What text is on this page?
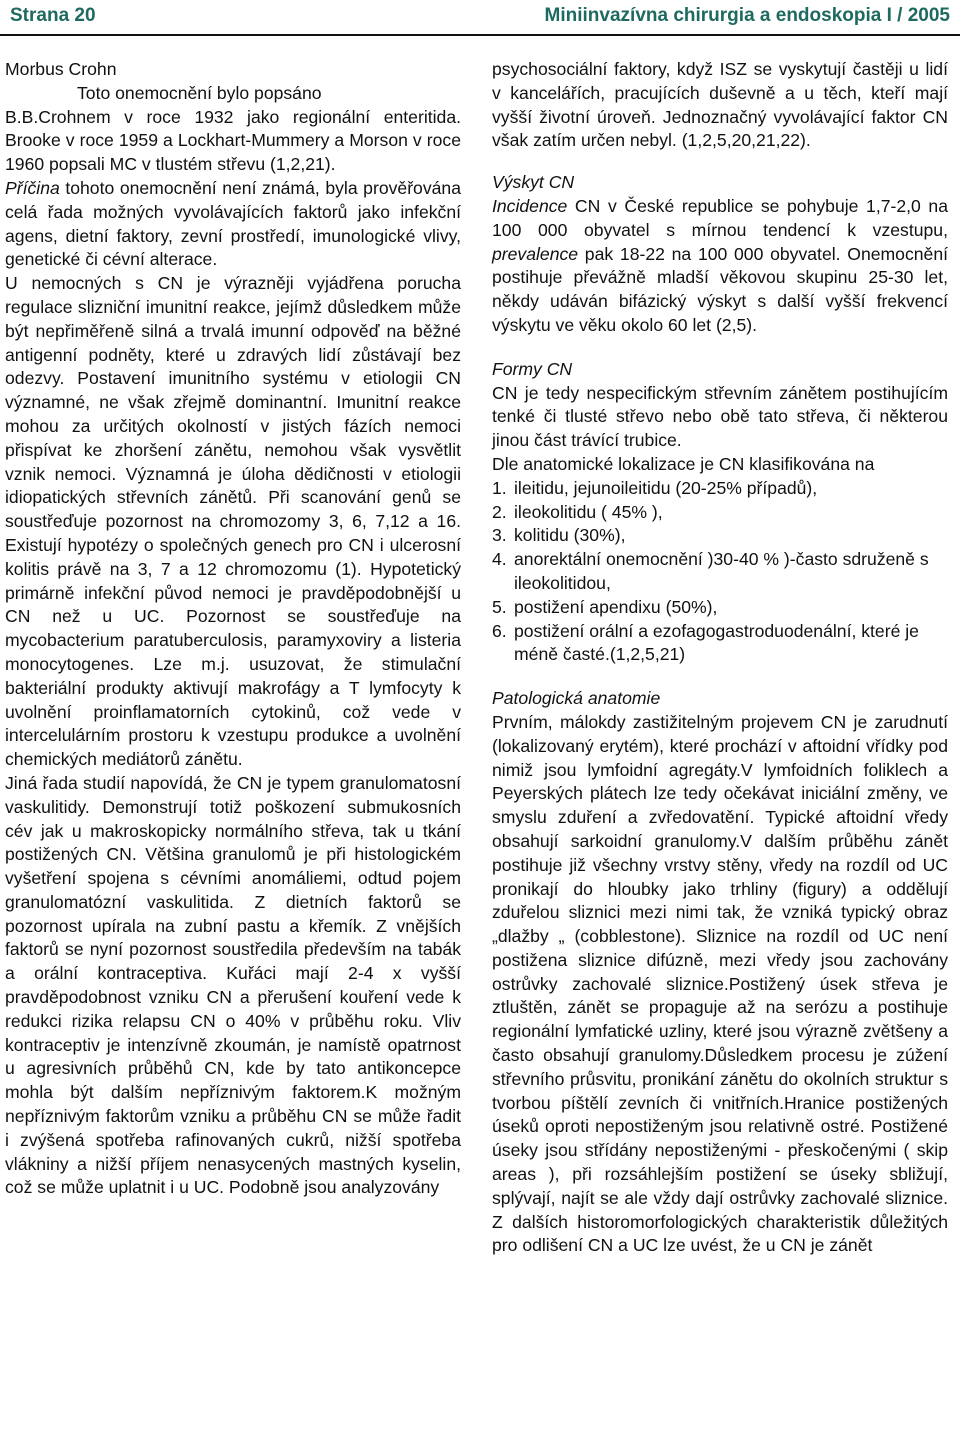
Strana 20	Miniinvazívna chirurgia a endoskopia I / 2005

Morbus Crohn

Toto onemocnění bylo popsáno
B.B.Crohnem v roce 1932 jako regionální enteritida. Brooke v roce 1959 a Lockhart-Mummery a Morson v roce 1960 popsali MC v tlustém střevu (1,2,21).

Příčina tohoto onemocnění není známá, byla prověřována celá řada možných vyvolávajících faktorů jako infekční agens, dietní faktory, zevní prostředí, imunologické vlivy, genetické či cévní alterace.

U nemocných s CN je výrazněji vyjádřena porucha regulace slizniční imunitní reakce, jejímž důsledkem může být nepřiměřeně silná a trvalá imunní odpověď na běžné antigenní podněty, které u zdravých lidí zůstávají bez odezvy. Postavení imunitního systému v etiologii CN významné, ne však zřejmě dominantní. Imunitní reakce mohou za určitých okolností v jistých fázích nemoci přispívat ke zhoršení zánětu, nemohou však vysvětlit vznik nemoci. Významná je úloha dědičnosti v etiologii idiopatických střevních zánětů. Při scanování genů se soustřeďuje pozornost na chromozomy 3, 6, 7,12 a 16. Existují hypotézy o společných genech pro CN i ulcerosní kolitis právě na 3, 7 a 12 chromozomu (1). Hypotetický primárně infekční původ nemoci je pravděpodobnější u CN než u UC. Pozornost se soustřeďuje na mycobacterium paratuberculosis, paramyxoviry a listeria monocytogenes. Lze m.j. usuzovat, že stimulační bakteriální produkty aktivují makrofágy a T lymfocyty k uvolnění proinflamatorních cytokinů, což vede v intercelulárním prostoru k vzestupu produkce a uvolnění chemických mediátorů zánětu.

Jiná řada studií napovídá, že CN je typem granulomatosní vaskulitidy. Demonstrují totiž poškození submukosních cév jak u makroskopicky normálního střeva, tak u tkání postižených CN. Většina granulomů je při histologickém vyšetření spojena s cévními anomáliemi, odtud pojem granulomatózní vaskulitida. Z dietních faktorů se pozornost upírala na zubní pastu a křemík. Z vnějších faktorů se nyní pozornost soustředila především na tabák a orální kontraceptiva. Kuřáci mají 2-4 x vyšší pravděpodobnost vzniku CN a přerušení kouření vede k redukci rizika relapsu CN o 40% v průběhu roku. Vliv kontraceptiv je intenzívně zkoumán, je namístě opatrnost u agresivních průběhů CN, kde by tato antikoncepce mohla být dalším nepříznivým faktorem.K možným nepříznivým faktorům vzniku a průběhu CN se může řadit i zvýšená spotřeba rafinovaných cukrů, nižší spotřeba vlákniny a nižší příjem nenasycených mastných kyselin, což se může uplatnit i u UC. Podobně jsou analyzovány

psychosociální faktory, když ISZ se vyskytují častěji u lidí v kancelářích, pracujících duševně a u těch, kteří mají vyšší životní úroveň. Jednoznačný vyvolávající faktor CN však zatím určen nebyl. (1,2,5,20,21,22).

Výskyt CN

Incidence CN v České republice se pohybuje 1,7-2,0 na 100 000 obyvatel s mírnou tendencí k vzestupu, prevalence pak 18-22 na 100 000 obyvatel. Onemocnění postihuje převážně mladší věkovou skupinu 25-30 let, někdy udáván bifázický výskyt s další vyšší frekvencí výskytu ve věku okolo 60 let (2,5).

Formy CN

CN je tedy nespecifickým střevním zánětem postihujícím tenké či tlusté střevo nebo obě tato střeva, či některou jinou část trávící trubice.

Dle anatomické lokalizace je CN klasifikována na

1. ileitidu, jejunoileitidu (20-25% případů),
2. ileokolitidu ( 45% ),
3. kolitidu (30%),
4. anorektální onemocnění )30-40 % )-často sdruženě s ileokolitidou,
5. postižení apendixu (50%),
6. postižení orální a ezofagogastroduodenální, které je méně časté.(1,2,5,21)

Patologická anatomie

Prvním, málokdy zastižitelným projevem CN je zarudnutí (lokalizovaný erytém), které prochází v aftoidní vřídky pod nimiž jsou lymfoidní agregáty.V lymfoidních foliklech a Peyerských plátech lze tedy očekávat iniciální změny, ve smyslu zduření a zvředovatění. Typické aftoidní vředy obsahují sarkoidní granulomy.V dalším průběhu zánět postihuje již všechny vrstvy stěny, vředy na rozdíl od UC pronikají do hloubky jako trhliny (figury) a oddělují zduřelou sliznici mezi nimi tak, že vzniká typický obraz „dlažby „ (cobblestone). Sliznice na rozdíl od UC není postižena sliznice difúzně, mezi vředy jsou zachovány ostrůvky zachovalé sliznice.Postižený úsek střeva je ztluštěn, zánět se propaguje až na serózu a postihuje regionální lymfatické uzliny, které jsou výrazně zvětšeny a často obsahují granulomy.Důsledkem procesu je zúžení střevního průsvitu, pronikání zánětu do okolních struktur s tvorbou píštělí zevních či vnitřních.Hranice postižených úseků oproti nepostiženým jsou relativně ostré. Postižené úseky jsou střídány nepostiženými - přeskočenými ( skip areas ), při rozsáhlejším postižení se úseky sbližují, splývají, najít se ale vždy dají ostrůvky zachovalé sliznice. Z dalších historomorfologických charakteristik důležitých pro odlišení CN a UC lze uvést, že u CN je zánět
